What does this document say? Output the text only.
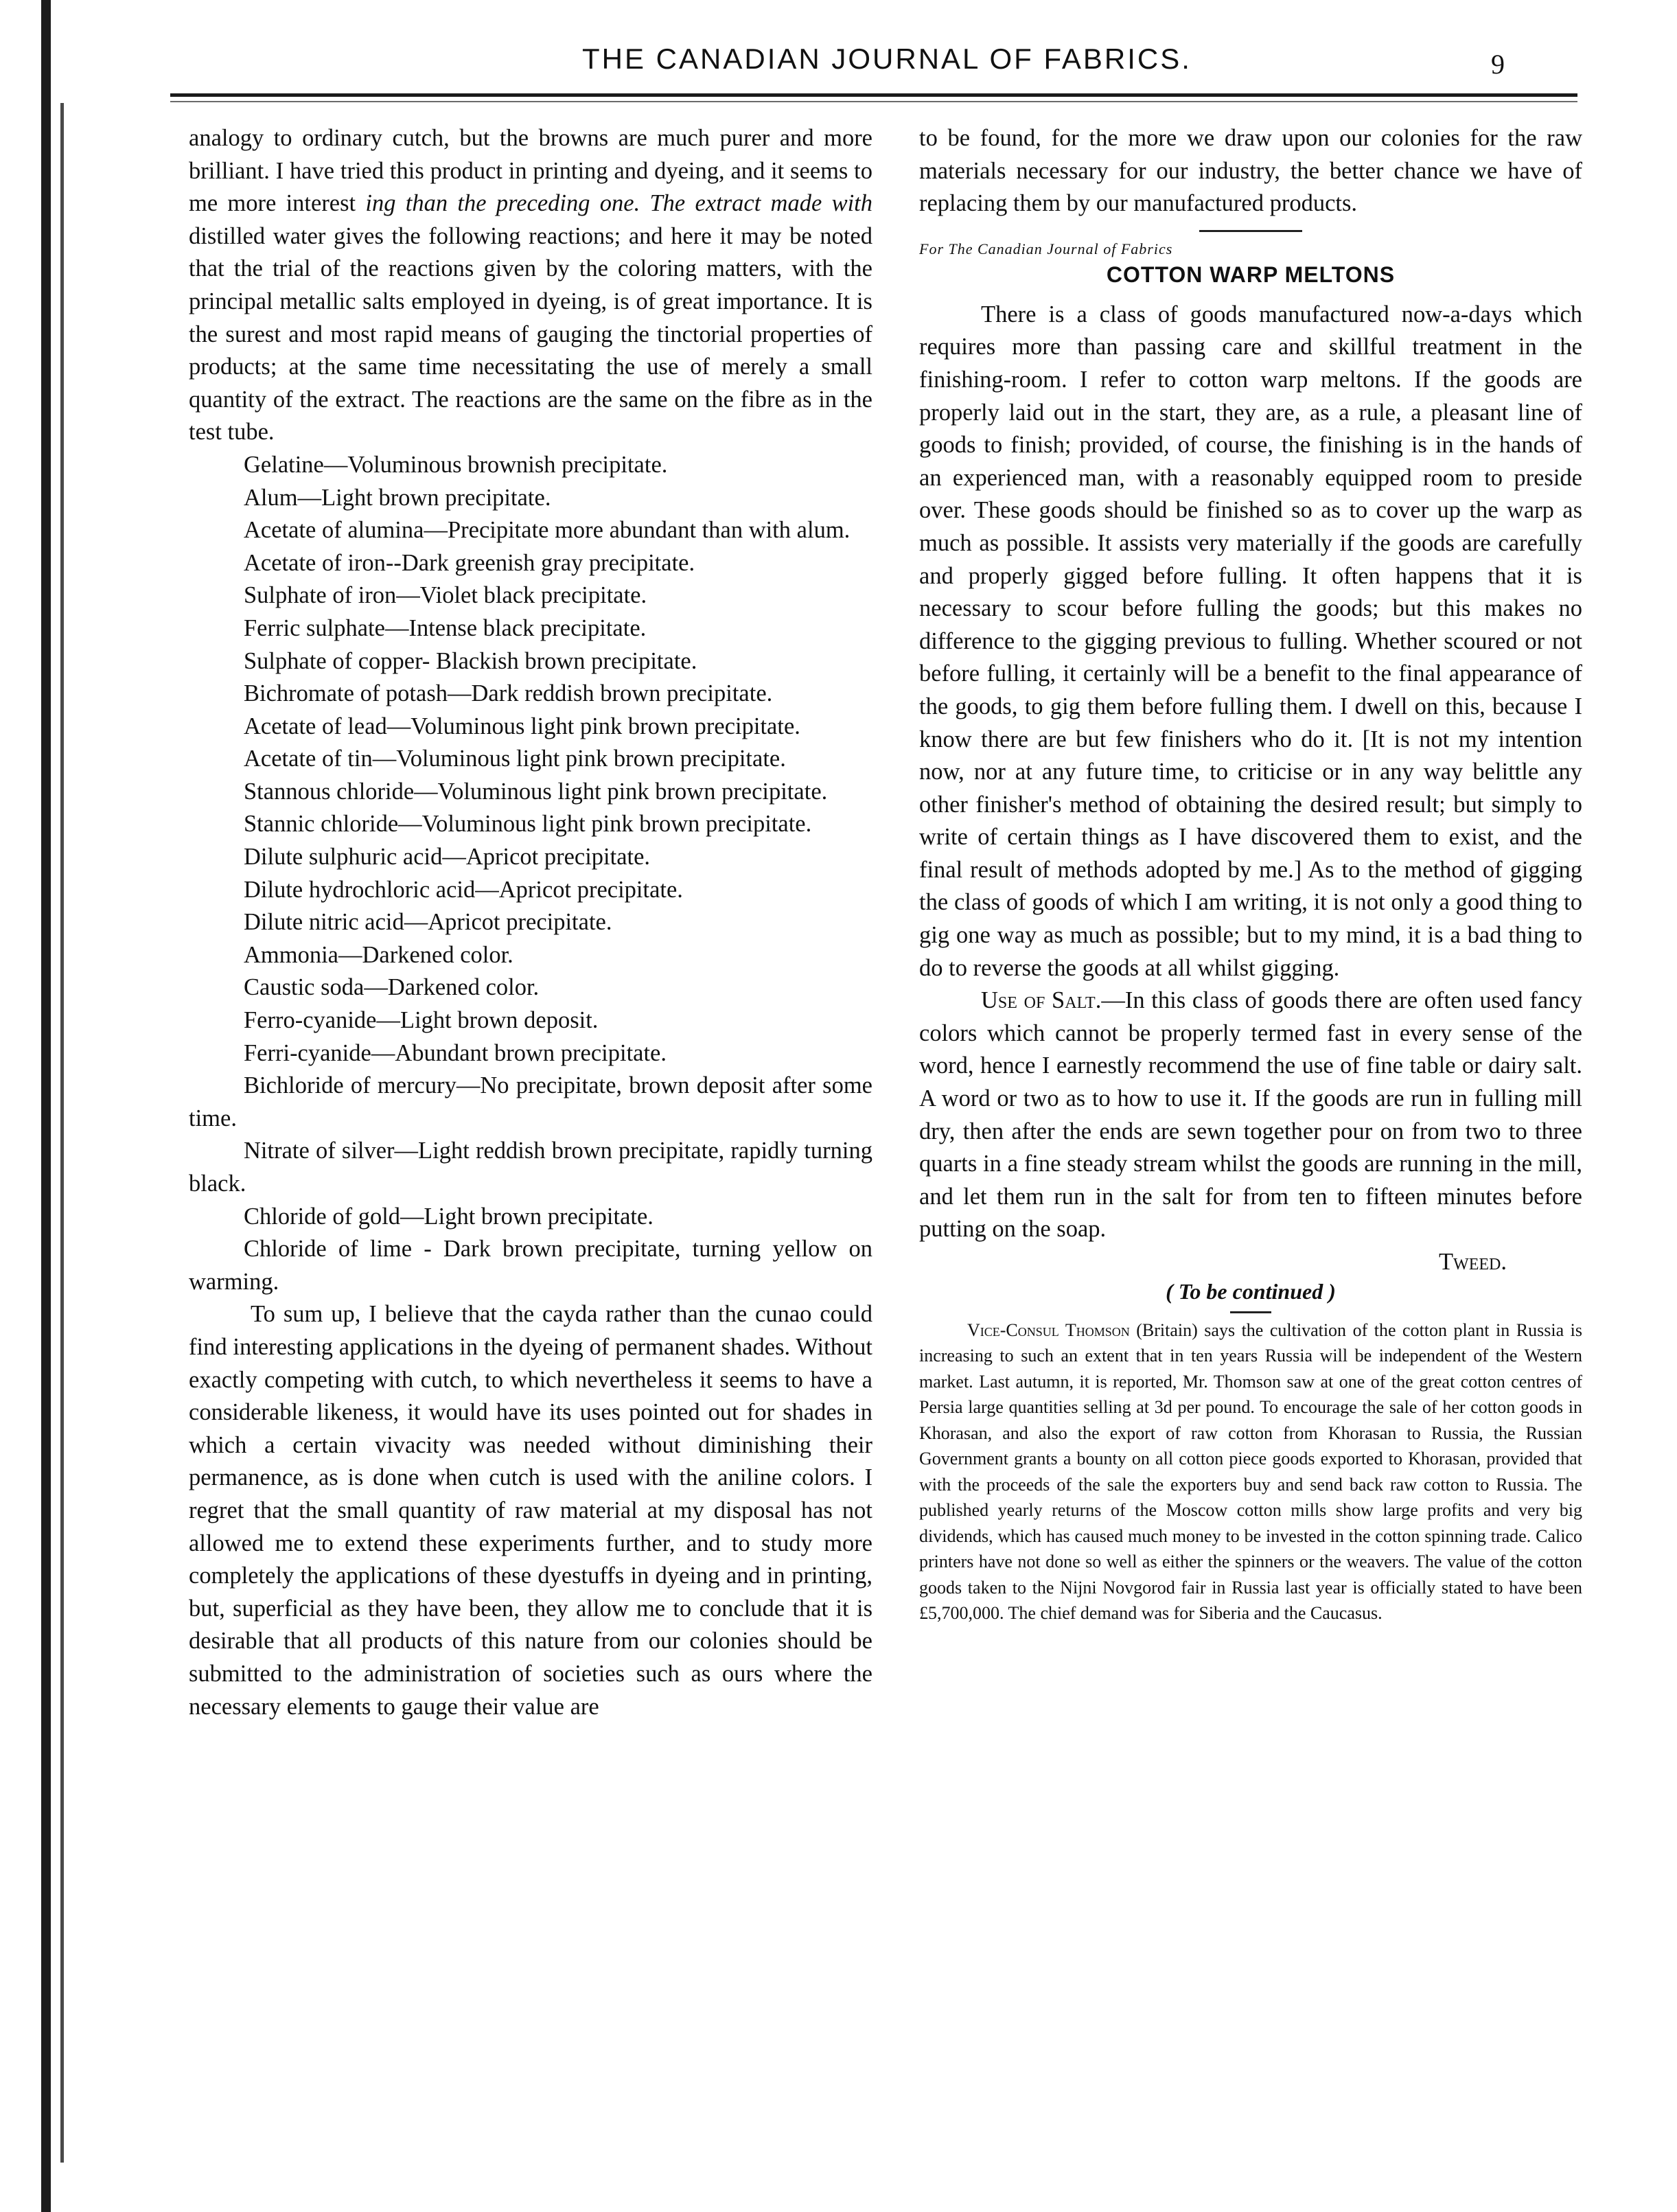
THE CANADIAN JOURNAL OF FABRICS.	9

analogy to ordinary cutch, but the browns are much purer and more brilliant. I have tried this product in printing and dyeing, and it seems to me more interest ing than the preceding one. The extract made with distilled water gives the following reactions; and here it may be noted that the trial of the reactions given by the coloring matters, with the principal metallic salts employed in dyeing, is of great importance. It is the surest and most rapid means of gauging the tinctorial properties of products; at the same time necessitating the use of merely a small quantity of the extract. The reactions are the same on the fibre as in the test tube.

Gelatine—Voluminous brownish precipitate.

Alum—Light brown precipitate.

Acetate of alumina—Precipitate more abundant than with alum.

Acetate of iron--Dark greenish gray precipitate.

Sulphate of iron—Violet black precipitate.

Ferric sulphate—Intense black precipitate.

Sulphate of copper- Blackish brown precipitate.

Bichromate of potash—Dark reddish brown precipitate.

Acetate of lead—Voluminous light pink brown precipitate.

Acetate of tin—Voluminous light pink brown precipitate.

Stannous chloride—Voluminous light pink brown precipitate.

Stannic chloride—Voluminous light pink brown precipitate.

Dilute sulphuric acid—Apricot precipitate.

Dilute hydrochloric acid—Apricot precipitate.

Dilute nitric acid—Apricot precipitate.

Ammonia—Darkened color.

Caustic soda—Darkened color.

Ferro-cyanide—Light brown deposit.

Ferri-cyanide—Abundant brown precipitate.

Bichloride of mercury—No precipitate, brown deposit after some time.

Nitrate of silver—Light reddish brown precipitate, rapidly turning black.

Chloride of gold—Light brown precipitate.

Chloride of lime - Dark brown precipitate, turning yellow on warming.

To sum up, I believe that the cayda rather than the cunao could find interesting applications in the dyeing of permanent shades. Without exactly competing with cutch, to which nevertheless it seems to have a considerable likeness, it would have its uses pointed out for shades in which a certain vivacity was needed without diminishing their permanence, as is done when cutch is used with the aniline colors. I regret that the small quantity of raw material at my disposal has not allowed me to extend these experiments further, and to study more completely the applications of these dyestuffs in dyeing and in printing, but, superficial as they have been, they allow me to conclude that it is desirable that all products of this nature from our colonies should be submitted to the administration of societies such as ours where the necessary elements to gauge their value are

to be found, for the more we draw upon our colonies for the raw materials necessary for our industry, the better chance we have of replacing them by our manufactured products.

For The Canadian Journal of Fabrics

COTTON WARP MELTONS

There is a class of goods manufactured now-a-days which requires more than passing care and skillful treatment in the finishing-room. I refer to cotton warp meltons. If the goods are properly laid out in the start, they are, as a rule, a pleasant line of goods to finish; provided, of course, the finishing is in the hands of an experienced man, with a reasonably equipped room to preside over. These goods should be finished so as to cover up the warp as much as possible. It assists very materially if the goods are carefully and properly gigged before fulling. It often happens that it is necessary to scour before fulling the goods; but this makes no difference to the gigging previous to fulling. Whether scoured or not before fulling, it certainly will be a benefit to the final appearance of the goods, to gig them before fulling them. I dwell on this, because I know there are but few finishers who do it. [It is not my intention now, nor at any future time, to criticise or in any way belittle any other finisher's method of obtaining the desired result; but simply to write of certain things as I have discovered them to exist, and the final result of methods adopted by me.] As to the method of gigging the class of goods of which I am writing, it is not only a good thing to gig one way as much as possible; but to my mind, it is a bad thing to do to reverse the goods at all whilst gigging.

Use of Salt.—In this class of goods there are often used fancy colors which cannot be properly termed fast in every sense of the word, hence I earnestly recommend the use of fine table or dairy salt. A word or two as to how to use it. If the goods are run in fulling mill dry, then after the ends are sewn together pour on from two to three quarts in a fine steady stream whilst the goods are running in the mill, and let them run in the salt for from ten to fifteen minutes before putting on the soap.

Tweed.

( To be continued )

Vice-Consul Thomson (Britain) says the cultivation of the cotton plant in Russia is increasing to such an extent that in ten years Russia will be independent of the Western market. Last autumn, it is reported, Mr. Thomson saw at one of the great cotton centres of Persia large quantities selling at 3d per pound. To encourage the sale of her cotton goods in Khorasan, and also the export of raw cotton from Khorasan to Russia, the Russian Government grants a bounty on all cotton piece goods exported to Khorasan, provided that with the proceeds of the sale the exporters buy and send back raw cotton to Russia. The published yearly returns of the Moscow cotton mills show large profits and very big dividends, which has caused much money to be invested in the cotton spinning trade. Calico printers have not done so well as either the spinners or the weavers. The value of the cotton goods taken to the Nijni Novgorod fair in Russia last year is officially stated to have been £5,700,000. The chief demand was for Siberia and the Caucasus.
